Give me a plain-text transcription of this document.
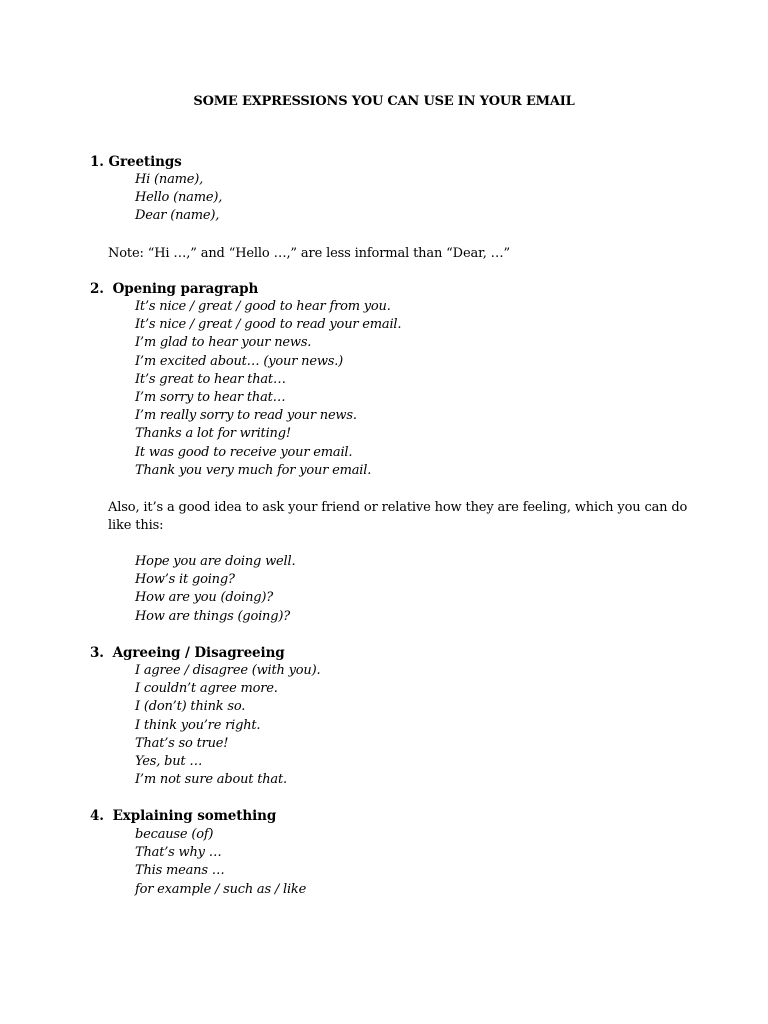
SOME EXPRESSIONS YOU CAN USE IN YOUR EMAIL
1. Greetings
Hi (name),
Hello (name),
Dear (name),
Note: “Hi …,” and “Hello …,” are less informal than “Dear, …”
2. Opening paragraph
It’s nice / great / good to hear from you.
It’s nice / great / good to read your email.
I’m glad to hear your news.
I’m excited about… (your news.)
It’s great to hear that…
I’m sorry to hear that…
I’m really sorry to read your news.
Thanks a lot for writing!
It was good to receive your email.
Thank you very much for your email.
Also, it’s a good idea to ask your friend or relative how they are feeling, which you can do like this:
Hope you are doing well.
How’s it going?
How are you (doing)?
How are things (going)?
3. Agreeing / Disagreeing
I agree / disagree (with you).
I couldn’t agree more.
I (don’t) think so.
I think you’re right.
That’s so true!
Yes, but …
I’m not sure about that.
4. Explaining something
because (of)
That’s why …
This means …
for example / such as / like
